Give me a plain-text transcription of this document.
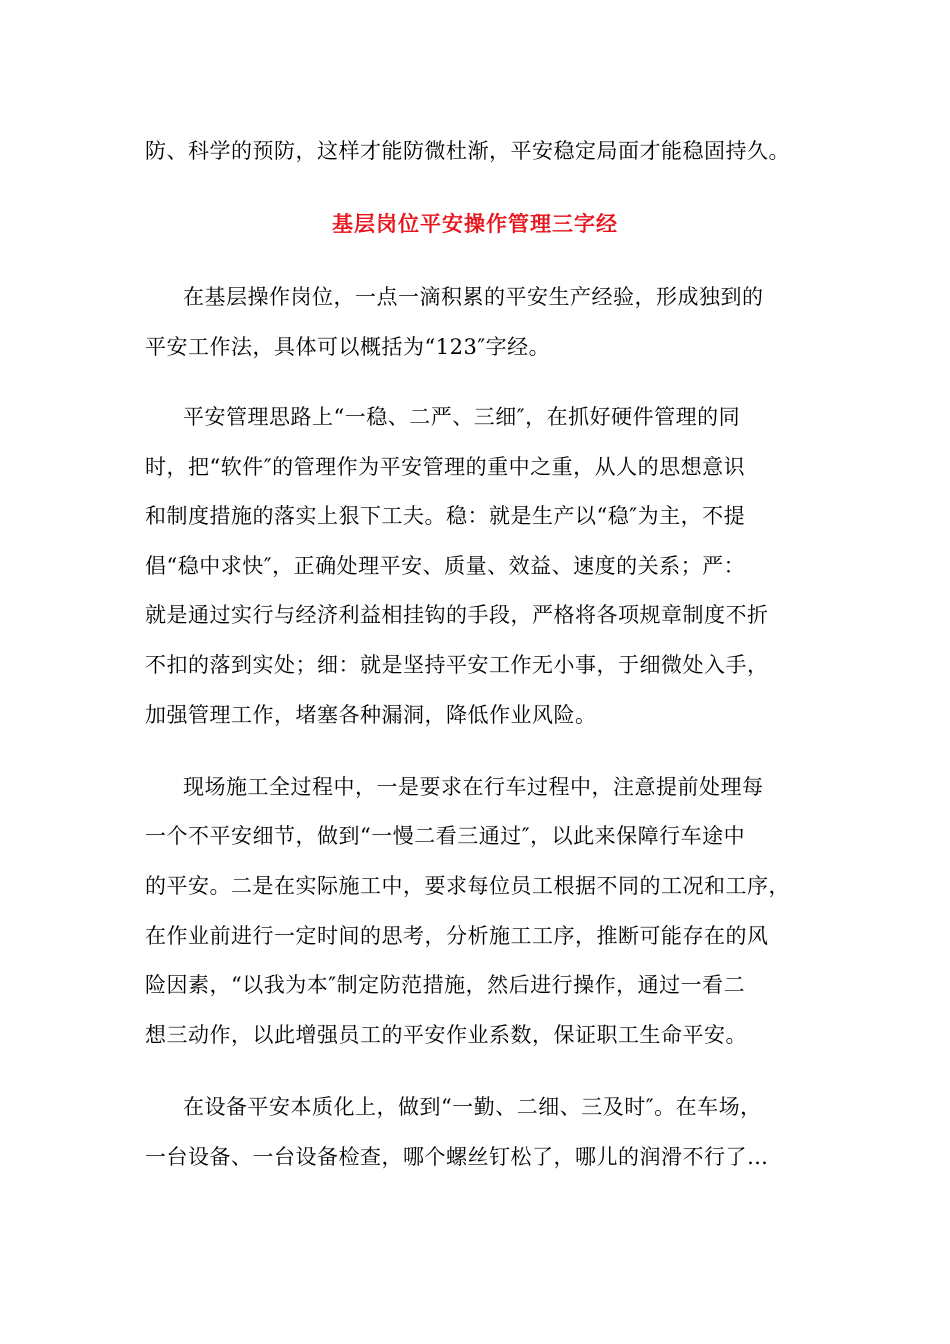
防、科学的预防，这样才能防微杜渐，平安稳定局面才能稳固持久。
基层岗位平安操作管理三字经
在基层操作岗位，一点一滴积累的平安生产经验，形成独到的
平安工作法，具体可以概括为“123″字经。
平安管理思路上“一稳、二严、三细″，在抓好硬件管理的同
时，把“软件″的管理作为平安管理的重中之重，从人的思想意识
和制度措施的落实上狠下工夫。稳：就是生产以“稳″为主，不提
倡“稳中求快″，正确处理平安、质量、效益、速度的关系；严：
就是通过实行与经济利益相挂钩的手段，严格将各项规章制度不折
不扣的落到实处；细：就是坚持平安工作无小事，于细微处入手，
加强管理工作，堵塞各种漏洞，降低作业风险。
现场施工全过程中，一是要求在行车过程中，注意提前处理每
一个不平安细节，做到“一慢二看三通过″，以此来保障行车途中
的平安。二是在实际施工中，要求每位员工根据不同的工况和工序，
在作业前进行一定时间的思考，分析施工工序，推断可能存在的风
险因素，“以我为本″制定防范措施，然后进行操作，通过一看二
想三动作，以此增强员工的平安作业系数，保证职工生命平安。
在设备平安本质化上，做到“一勤、二细、三及时″。在车场，
一台设备、一台设备检查，哪个螺丝钉松了，哪儿的润滑不行了…
